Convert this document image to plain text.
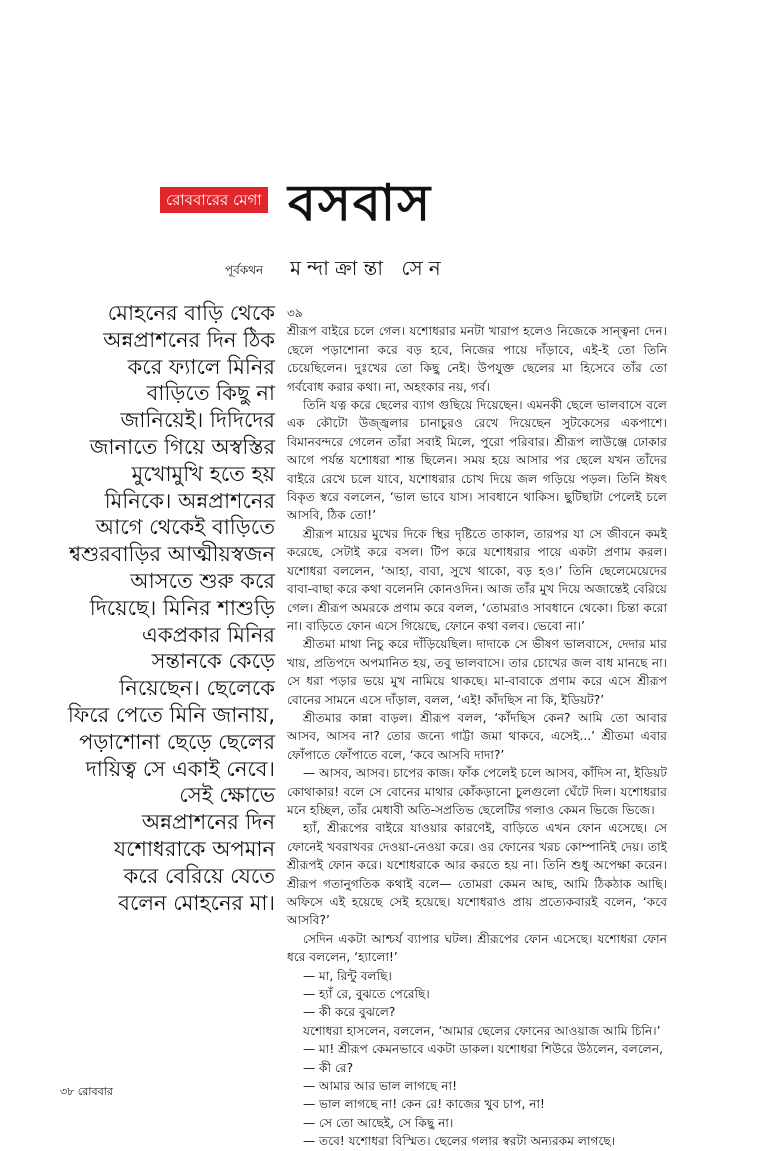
রোববারের মেগা বসবাস
পূর্বকথন মন্দাক্রান্তা সেন
মোহনের বাড়ি থেকে
অন্নপ্রাশনের দিন ঠিক
করে ফ্যালে মিনির
বাড়িতে কিছু না
জানিয়েই। দিদিদের
জানাতে গিয়ে অস্বস্তির
মুখোমুখি হতে হয়
মিনিকে। অন্নপ্রাশনের
আগে থেকেই বাড়িতে
শ্বশুরবাড়ির আত্মীয়স্বজন
আসতে শুরু করে
দিয়েছে। মিনির শাশুড়ি
একপ্রকার মিনির
সন্তানকে কেড়ে
নিয়েছেন। ছেলেকে
ফিরে পেতে মিনি জানায়,
পড়াশোনা ছেড়ে ছেলের
দায়িত্ব সে একাই নেবে।
সেই ক্ষোভে
অন্নপ্রাশনের দিন
যশোধরাকে অপমান
করে বেরিয়ে যেতে
বলেন মোহনের মা।
৩৯

শ্রীরূপ বাইরে চলে গেল। যশোধরার মনটা খারাপ হলেও নিজেকে সান্ত্বনা দেন। ছেলে পড়াশোনা করে বড় হবে, নিজের পায়ে দাঁড়াবে, এই-ই তো তিনি চেয়েছিলেন। দুঃখের তো কিছু নেই। উপযুক্ত ছেলের মা হিসেবে তাঁর তো গর্ববোধ করার কথা। না, অহংকার নয়, গর্ব।

তিনি যত্ন করে ছেলের ব্যাগ গুছিয়ে দিয়েছেন। এমনকী ছেলে ভালবাসে বলে এক কৌটো উজ্জ্বলার চানাচুরও রেখে দিয়েছেন সুটকেসের একপাশে। বিমানবন্দরে গেলেন তাঁরা সবাই মিলে, পুরো পরিবার। শ্রীরূপ লাউঞ্জে ঢোকার আগে পর্যন্ত যশোধরা শান্ত ছিলেন। সময় হয়ে আসার পর ছেলে যখন তাঁদের বাইরে রেখে চলে যাবে, যশোধরার চোখ দিয়ে জল গড়িয়ে পড়ল। তিনি ঈষৎ বিকৃত স্বরে বললেন, ‘ভাল ভাবে যাস। সাবধানে থাকিস। ছুটিছাটা পেলেই চলে আসবি, ঠিক তো!’

শ্রীরূপ মায়ের মুখের দিকে স্থির দৃষ্টিতে তাকাল, তারপর যা সে জীবনে কমই করেছে, সেটাই করে বসল। টিপ করে যশোধরার পায়ে একটা প্রণাম করল। যশোধরা বললেন, ‘আহা, বাবা, সুখে থাকো, বড় হও।’ তিনি ছেলেমেয়েদের বাবা-বাছা করে কথা বলেননি কোনওদিন। আজ তাঁর মুখ দিয়ে অজান্তেই বেরিয়ে গেল। শ্রীরূপ অমরকে প্রণাম করে বলল, ‘তোমরাও সাবধানে থেকো। চিন্তা করো না। বাড়িতে ফোন এসে গিয়েছে, ফোনে কথা বলব। ভেবো না।’

শ্রীতমা মাথা নিচু করে দাঁড়িয়েছিল। দাদাকে সে ভীষণ ভালবাসে, দেদার মার খায়, প্রতিপদে অপমানিত হয়, তবু ভালবাসে। তার চোখের জল বাধ মানছে না। সে ধরা পড়ার ভয়ে মুখ নামিয়ে থাকছে। মা-বাবাকে প্রণাম করে এসে শ্রীরূপ বোনের সামনে এসে দাঁড়াল, বলল, ‘এই! কাঁদছিস না কি, ইডিয়ট?’

শ্রীতমার কান্না বাড়ল। শ্রীরূপ বলল, ‘কাঁদছিস কেন? আমি তো আবার আসব, আসব না? তোর জন্যে গাট্টা জমা থাকবে, এসেই...’ শ্রীতমা এবার ফোঁপাতে ফোঁপাতে বলে, ‘কবে আসবি দাদা?’

— আসব, আসব। চাপের কাজ। ফাঁক পেলেই চলে আসব, কাঁদিস না, ইডিয়ট কোথাকার! বলে সে বোনের মাথার কোঁকড়ানো চুলগুলো ঘেঁটে দিল। যশোধরার মনে হচ্ছিল, তাঁর মেধাবী অতি-সপ্রতিভ ছেলেটির গলাও কেমন ভিজে ভিজে।

হ্যাঁ, শ্রীরূপের বাইরে যাওয়ার কারণেই, বাড়িতে এখন ফোন এসেছে। সে ফোনেই খবরাখবর দেওয়া-নেওয়া করে। ওর ফোনের খরচ কোম্পানিই দেয়। তাই শ্রীরূপই ফোন করে। যশোধরাকে আর করতে হয় না। তিনি শুধু অপেক্ষা করেন। শ্রীরূপ গতানুগতিক কথাই বলে— তোমরা কেমন আছ, আমি ঠিকঠাক আছি। অফিসে এই হয়েছে সেই হয়েছে। যশোধরাও প্রায় প্রত্যেকবারই বলেন, ‘কবে আসবি?’

সেদিন একটা আশ্চর্য ব্যাপার ঘটল। শ্রীরূপের ফোন এসেছে। যশোধরা ফোন ধরে বললেন, ‘হ্যালো!’

— মা, রিন্টু বলছি।

— হ্যাঁ রে, বুঝতে পেরেছি।

— কী করে বুঝলে?

যশোধরা হাসলেন, বললেন, ‘আমার ছেলের ফোনের আওয়াজ আমি চিনি।’

— মা! শ্রীরূপ কেমনভাবে একটা ডাকল। যশোধরা শিউরে উঠলেন, বললেন,

— কী রে?

— আমার আর ভাল লাগছে না!

— ভাল লাগছে না! কেন রে! কাজের খুব চাপ, না!

— সে তো আছেই, সে কিছু না।

— তবে! যশোধরা বিস্মিত। ছেলের গলার স্বরটা অন্যরকম লাগছে।

৩৮ রোববার
